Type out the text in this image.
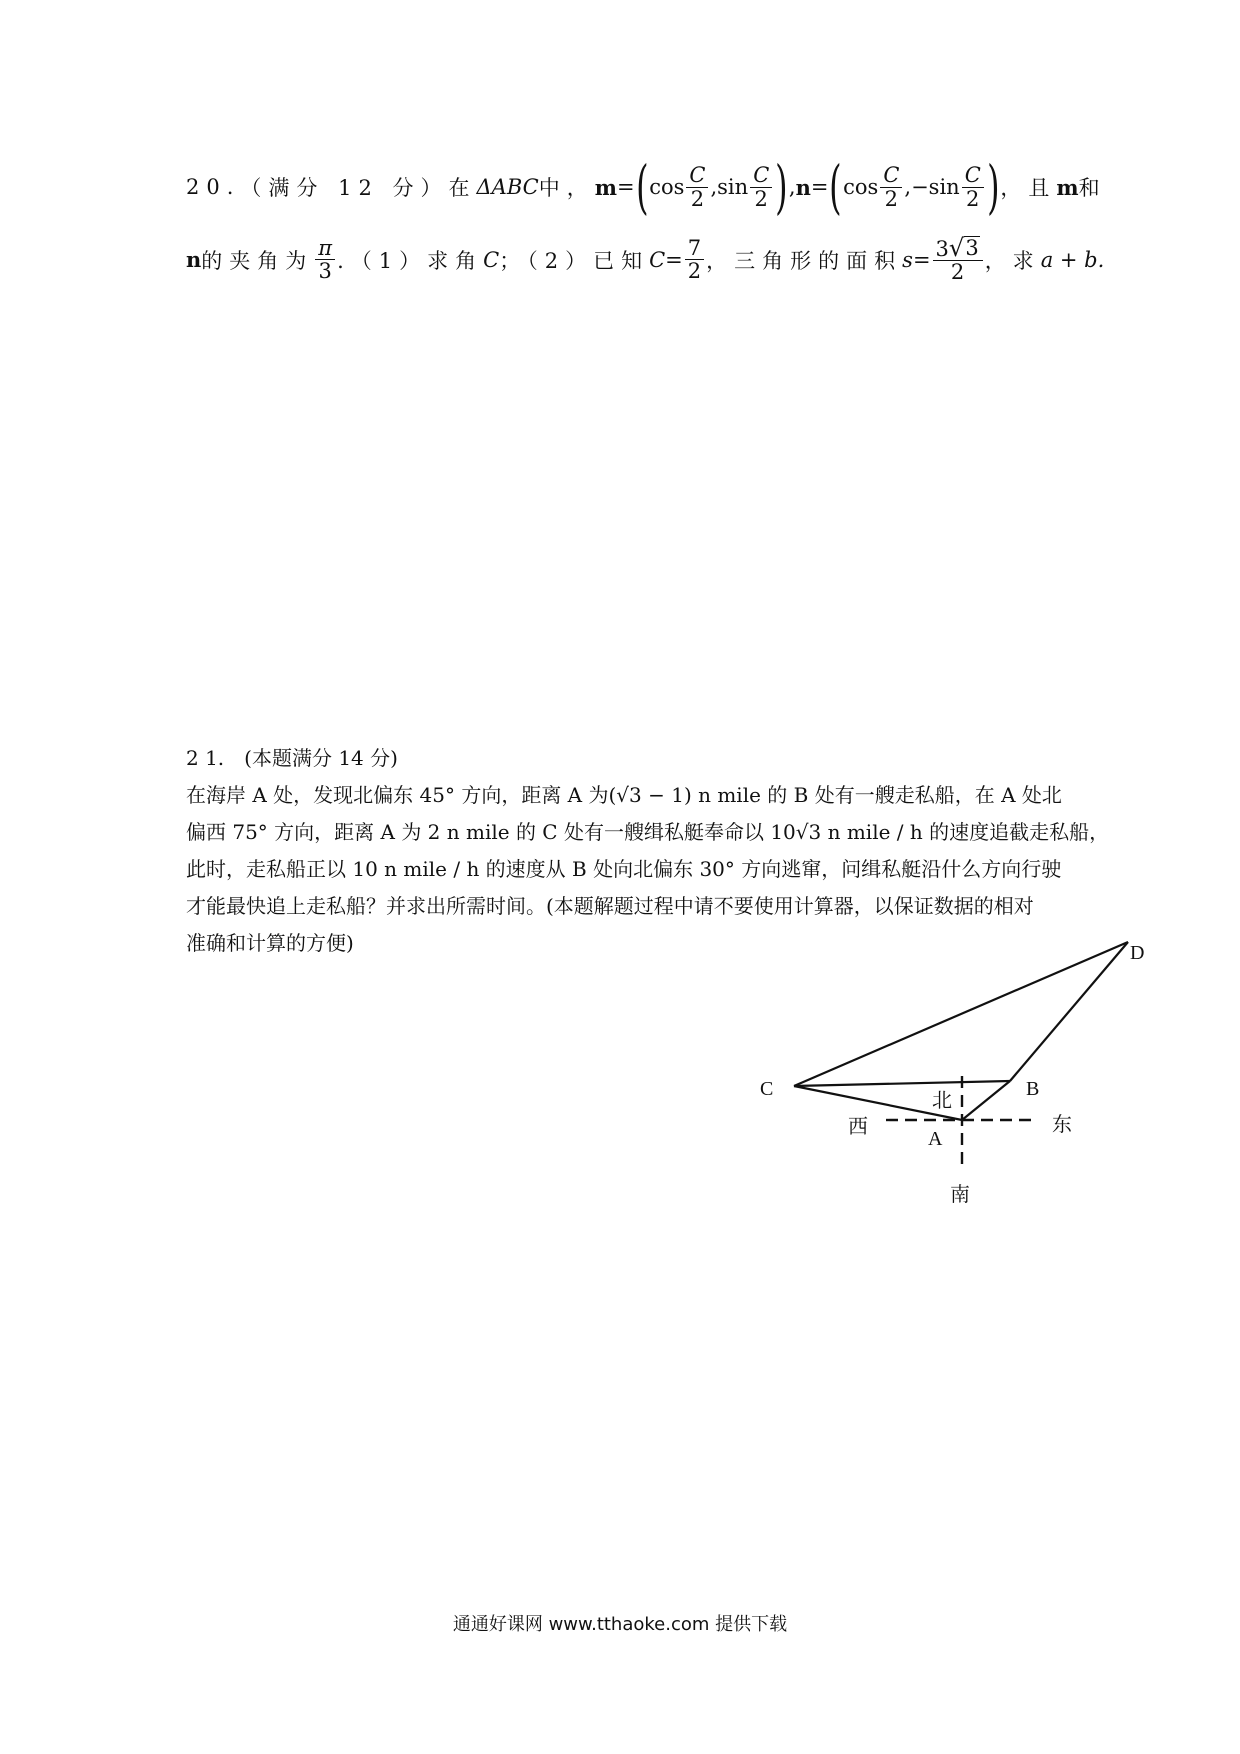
20. （满分 12 分） 在 ΔABC 中， m = ( $\cos \frac{C}{2}$ , $\sin \frac{C}{2}$ ) , n = ( $\cos \frac{C}{2}$ , $-\sin \frac{C}{2}$ ) ，且 m 和
n 的夹角为 $\frac{\pi}{3} .(1)$求角 C ；（2）已知 $C = \frac{7}{2}$ ，三角形的面积 $s = \frac{3 √ 3}{2}$ ，求 a + b.
2 1.　(本题满分 14 分)
在海岸 A 处，发现北偏东 45° 方向，距离 A 为(√3 − 1) n mile 的 B 处有一艘走私船，在 A 处北
偏西 75° 方向，距离 A 为 2 n mile 的 C 处有一艘缉私艇奉命以 10√3 n mile / h 的速度追截走私船，
此时，走私船正以 10 n mile / h 的速度从 B 处向北偏东 30° 方向逃窜，问缉私艇沿什么方向行驶
才能最快追上走私船？并求出所需时间。(本题解题过程中请不要使用计算器，以保证数据的相对
准确和计算的方便)	D
C	B
A
北
南
东
西
通通好课网 www.tthaoke.com 提供下载
